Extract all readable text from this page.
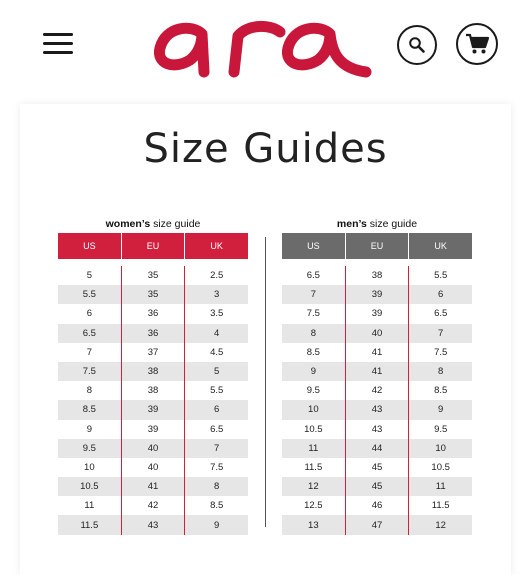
Size Guides
women’s size guide
US	EU	UK
5	35	2.5
5.5	35	3
6	36	3.5
6.5	36	4
7	37	4.5
7.5	38	5
8	38	5.5
8.5	39	6
9	39	6.5
9.5	40	7
10	40	7.5
10.5	41	8
11	42	8.5
11.5	43	9
men’s size guide
US	EU	UK
6.5	38	5.5
7	39	6
7.5	39	6.5
8	40	7
8.5	41	7.5
9	41	8
9.5	42	8.5
10	43	9
10.5	43	9.5
11	44	10
11.5	45	10.5
12	45	11
12.5	46	11.5
13	47	12
